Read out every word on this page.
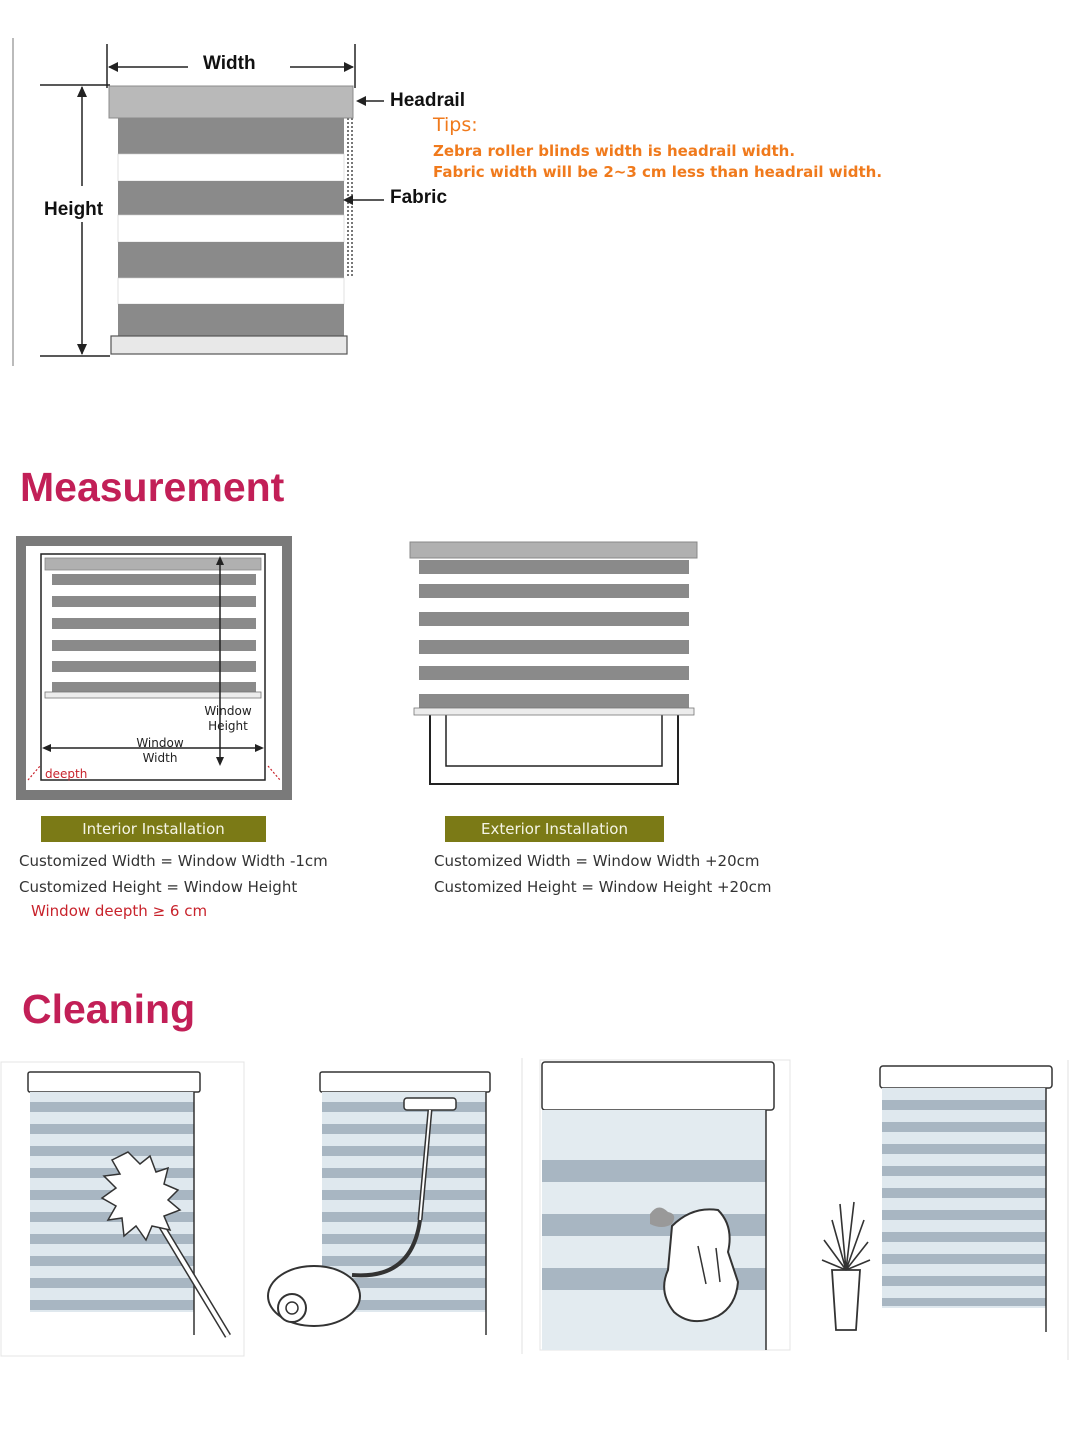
Width
Height
Headrail
Fabric
Tips:
Zebra roller blinds width is headrail width.
Fabric width will be 2~3 cm less than headrail width.
Measurement
Window
Height
Window
Width
deepth
Interior Installation	Exterior Installation
Customized Width = Window Width -1cm
Customized Height = Window Height
Window deepth ≥ 6 cm
Customized Width = Window Width +20cm
Customized Height = Window Height +20cm
Cleaning
